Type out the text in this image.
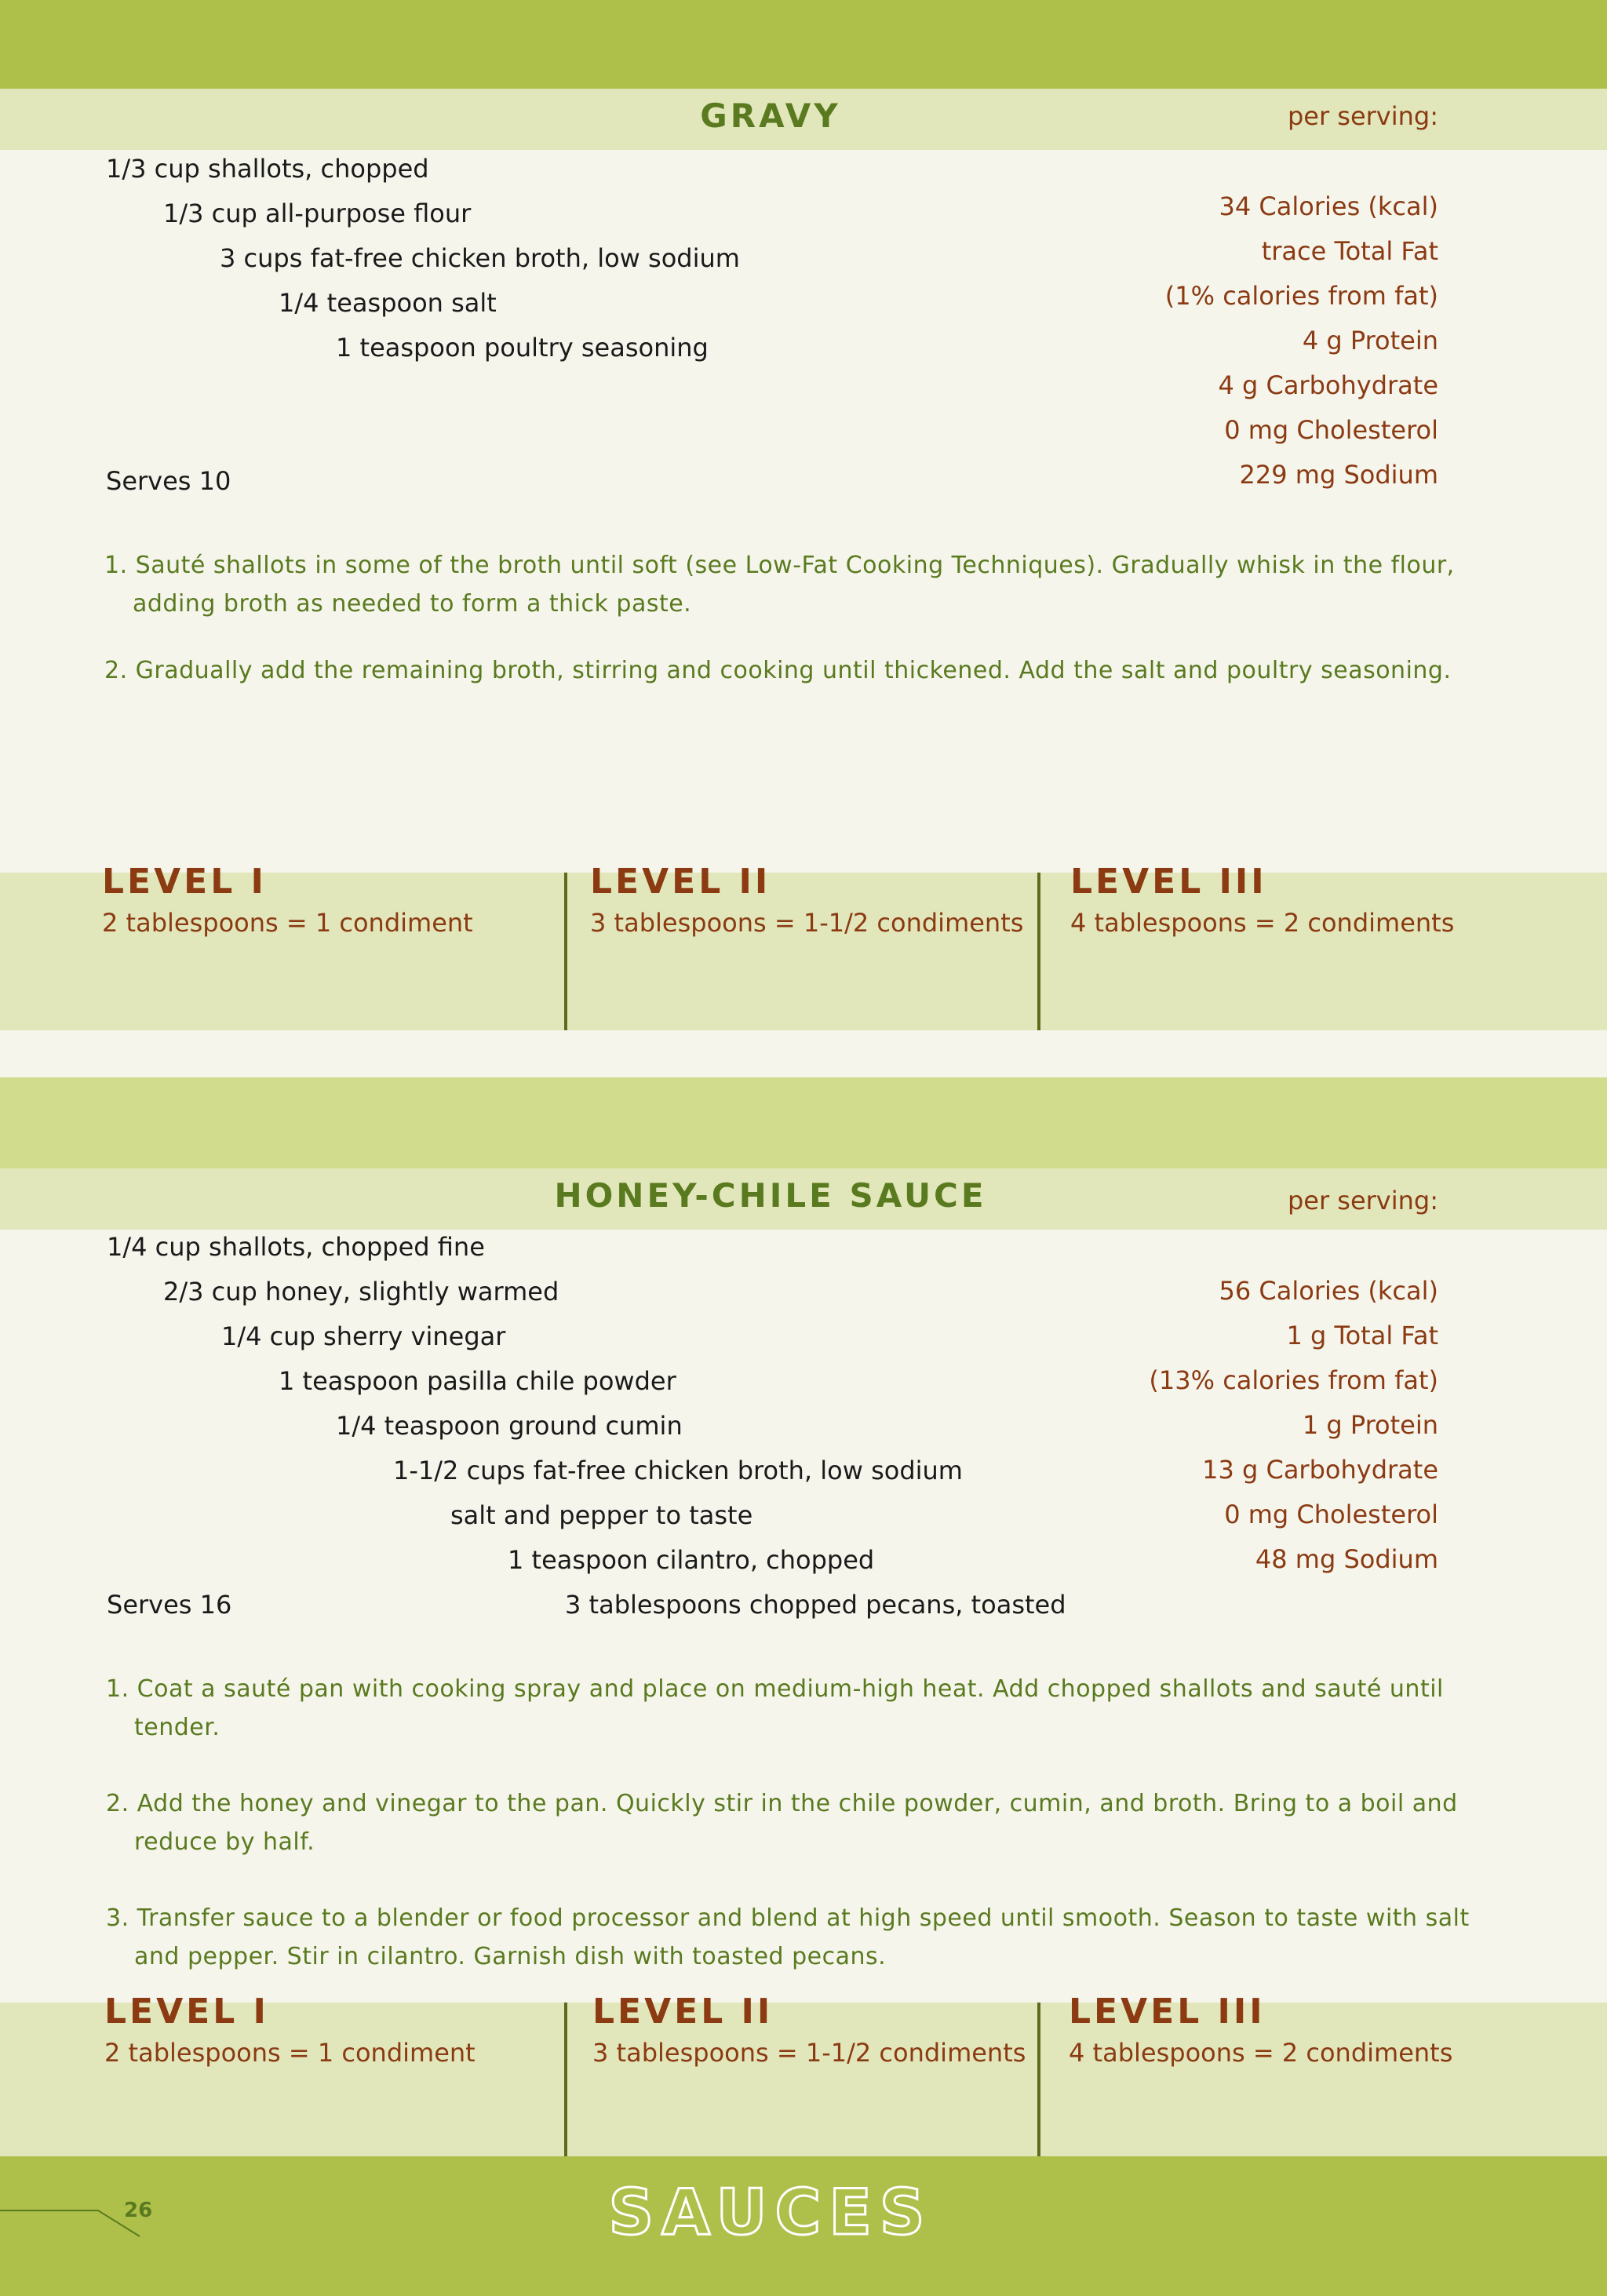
GRAVY	per serving:
1/3 cup shallots, chopped
1/3 cup all-purpose flour
3 cups fat-free chicken broth, low sodium
1/4 teaspoon salt
1 teaspoon poultry seasoning
Serves 10
34 Calories (kcal)
trace Total Fat
(1% calories from fat)
4 g Protein
4 g Carbohydrate
0 mg Cholesterol
229 mg Sodium
1. Sauté shallots in some of the broth until soft (see Low-Fat Cooking Techniques). Gradually whisk in the flour, adding broth as needed to form a thick paste.
2. Gradually add the remaining broth, stirring and cooking until thickened. Add the salt and poultry seasoning.
LEVEL I
2 tablespoons = 1 condiment
LEVEL II
3 tablespoons = 1-1/2 condiments
LEVEL III
4 tablespoons = 2 condiments
HONEY-CHILE SAUCE	per serving:
1/4 cup shallots, chopped fine
2/3 cup honey, slightly warmed
1/4 cup sherry vinegar
1 teaspoon pasilla chile powder
1/4 teaspoon ground cumin
1-1/2 cups fat-free chicken broth, low sodium
salt and pepper to taste
1 teaspoon cilantro, chopped
3 tablespoons chopped pecans, toasted
Serves 16
56 Calories (kcal)
1 g Total Fat
(13% calories from fat)
1 g Protein
13 g Carbohydrate
0 mg Cholesterol
48 mg Sodium
1. Coat a sauté pan with cooking spray and place on medium-high heat. Add chopped shallots and sauté until tender.
2. Add the honey and vinegar to the pan. Quickly stir in the chile powder, cumin, and broth. Bring to a boil and reduce by half.
3. Transfer sauce to a blender or food processor and blend at high speed until smooth. Season to taste with salt and pepper. Stir in cilantro. Garnish dish with toasted pecans.
LEVEL I
2 tablespoons = 1 condiment
LEVEL II
3 tablespoons = 1-1/2 condiments
LEVEL III
4 tablespoons = 2 condiments
26	SAUCES
